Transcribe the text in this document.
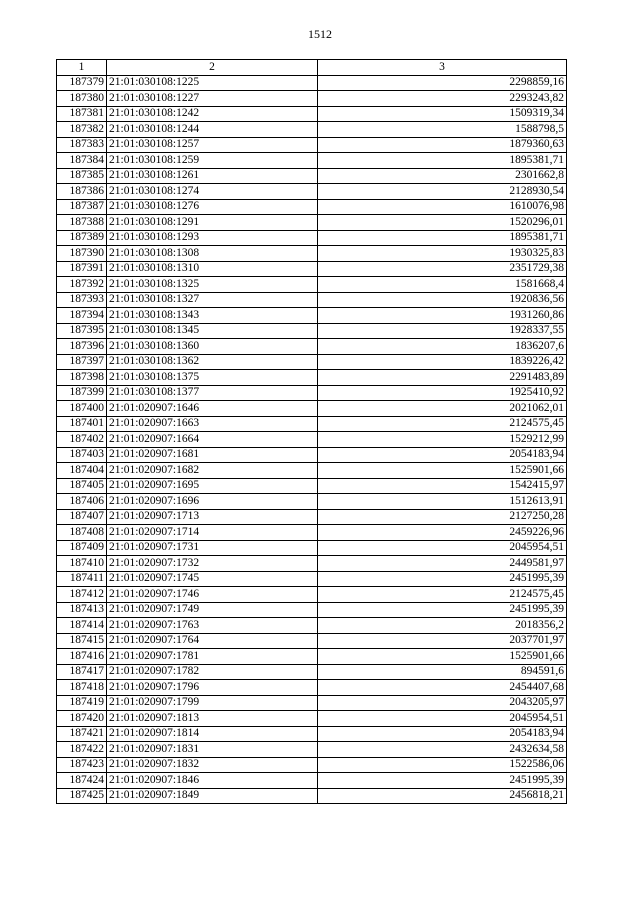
1512
1	2	3
187379	21:01:030108:1225	2298859,16
187380	21:01:030108:1227	2293243,82
187381	21:01:030108:1242	1509319,34
187382	21:01:030108:1244	1588798,5
187383	21:01:030108:1257	1879360,63
187384	21:01:030108:1259	1895381,71
187385	21:01:030108:1261	2301662,8
187386	21:01:030108:1274	2128930,54
187387	21:01:030108:1276	1610076,98
187388	21:01:030108:1291	1520296,01
187389	21:01:030108:1293	1895381,71
187390	21:01:030108:1308	1930325,83
187391	21:01:030108:1310	2351729,38
187392	21:01:030108:1325	1581668,4
187393	21:01:030108:1327	1920836,56
187394	21:01:030108:1343	1931260,86
187395	21:01:030108:1345	1928337,55
187396	21:01:030108:1360	1836207,6
187397	21:01:030108:1362	1839226,42
187398	21:01:030108:1375	2291483,89
187399	21:01:030108:1377	1925410,92
187400	21:01:020907:1646	2021062,01
187401	21:01:020907:1663	2124575,45
187402	21:01:020907:1664	1529212,99
187403	21:01:020907:1681	2054183,94
187404	21:01:020907:1682	1525901,66
187405	21:01:020907:1695	1542415,97
187406	21:01:020907:1696	1512613,91
187407	21:01:020907:1713	2127250,28
187408	21:01:020907:1714	2459226,96
187409	21:01:020907:1731	2045954,51
187410	21:01:020907:1732	2449581,97
187411	21:01:020907:1745	2451995,39
187412	21:01:020907:1746	2124575,45
187413	21:01:020907:1749	2451995,39
187414	21:01:020907:1763	2018356,2
187415	21:01:020907:1764	2037701,97
187416	21:01:020907:1781	1525901,66
187417	21:01:020907:1782	894591,6
187418	21:01:020907:1796	2454407,68
187419	21:01:020907:1799	2043205,97
187420	21:01:020907:1813	2045954,51
187421	21:01:020907:1814	2054183,94
187422	21:01:020907:1831	2432634,58
187423	21:01:020907:1832	1522586,06
187424	21:01:020907:1846	2451995,39
187425	21:01:020907:1849	2456818,21
